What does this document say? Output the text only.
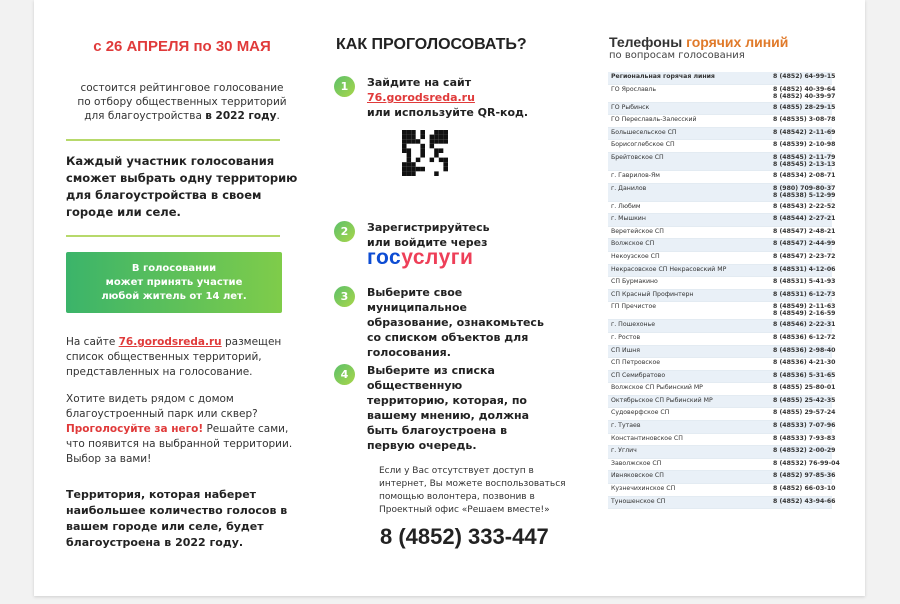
с 26 АПРЕЛЯ по 30 МАЯ
состоится рейтинговое голосование
по отбору общественных территорий
для благоустройства в 2022 году.
Каждый участник голосования сможет выбрать одну территорию для благоустройства в своем городе или селе.
В голосовании
может принять участие
любой житель от 14 лет.
На сайте 76.gorodsreda.ru размещен список общественных территорий, представленных на голосование.
Хотите видеть рядом с домом благоустроенный парк или сквер? Проголосуйте за него! Решайте сами, что появится на выбранной территории. Выбор за вами!
Территория, которая наберет наибольшее количество голосов в вашем городе или селе, будет благоустроена в 2022 году.
КАК ПРОГОЛОСОВАТЬ?
1	Зайдите на сайт
76.gorodsreda.ru
или используйте QR-код.
2	Зарегистрируйтесь
или войдите через
госуслуги
3	Выберите свое муниципальное образование, ознакомьтесь со списком объектов для голосования.
4	Выберите из списка общественную территорию, которая, по вашему мнению, должна быть благоустроена в первую очередь.
Если у Вас отсутствует доступ в интернет, Вы можете воспользоваться помощью волонтера, позвонив в Проектный офис «Решаем вместе!»
8 (4852) 333-447
Телефоны горячих линий
по вопросам голосования
Региональная горячая линия	8 (4852) 64-99-15
ГО Ярославль	8 (4852) 40-39-64
8 (4852) 40-39-97
ГО Рыбинск	8 (4855) 28-29-15
ГО Переславль-Залесский	8 (48535) 3-08-78
Большесельское СП	8 (48542) 2-11-69
Борисоглебское СП	8 (48539) 2-10-98
Брейтовское СП	8 (48545) 2-11-79
8 (48545) 2-13-13
г. Гаврилов-Ям	8 (48534) 2-08-71
г. Данилов	8 (980) 709-80-37
8 (48538) 5-12-99
г. Любим	8 (48543) 2-22-52
г. Мышкин	8 (48544) 2-27-21
Веретейское СП	8 (48547) 2-48-21
Волжское СП	8 (48547) 2-44-99
Некоузское СП	8 (48547) 2-23-72
Некрасовское СП Некрасовский МР	8 (48531) 4-12-06
СП Бурмакино	8 (48531) 5-41-93
СП Красный Профинтерн	8 (48531) 6-12-73
ГП Пречистое	8 (48549) 2-11-63
8 (48549) 2-16-59
г. Пошехонье	8 (48546) 2-22-31
г. Ростов	8 (48536) 6-12-72
СП Ишня	8 (48536) 2-98-40
СП Петровское	8 (48536) 4-21-30
СП Семибратово	8 (48536) 5-31-65
Волжское СП Рыбинский МР	8 (4855) 25-80-01
Октябрьское СП Рыбинский МР	8 (4855) 25-42-35
Судоверфское СП	8 (4855) 29-57-24
г. Тутаев	8 (48533) 7-07-96
Константиновское СП	8 (48533) 7-93-83
г. Углич	8 (48532) 2-00-29
Заволжское СП	8 (48532) 76-99-04
Ивняковское СП	8 (4852) 97-85-36
Кузнечихинское СП	8 (4852) 66-03-10
Туношенское СП	8 (4852) 43-94-66
